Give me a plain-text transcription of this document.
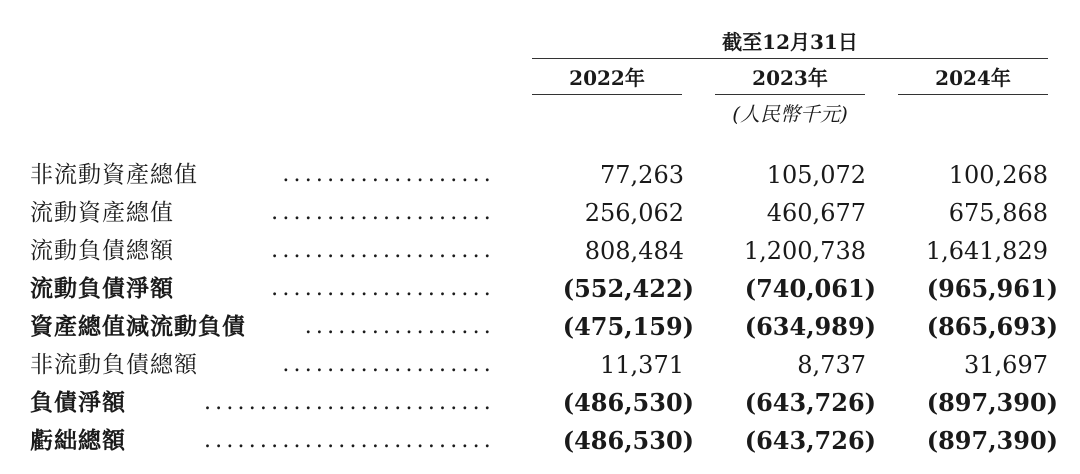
截至12月31日
2022年	2023年	2024年
(人民幣千元)
非流動資產總值	...................	77,263	105,072	100,268
流動資產總值	....................	256,062	460,677	675,868
流動負債總額	....................	808,484 1,200,738 1,641,829
流動負債淨額	....................	(552,422) (740,061) (965,961)
資產總值減流動負債	.................	(475,159) (634,989) (865,693)
非流動負債總額	...................	11,371	8,737	31,697
負債淨額	..........................	(486,530) (643,726) (897,390)
虧絀總額	..........................	(486,530) (643,726) (897,390)
